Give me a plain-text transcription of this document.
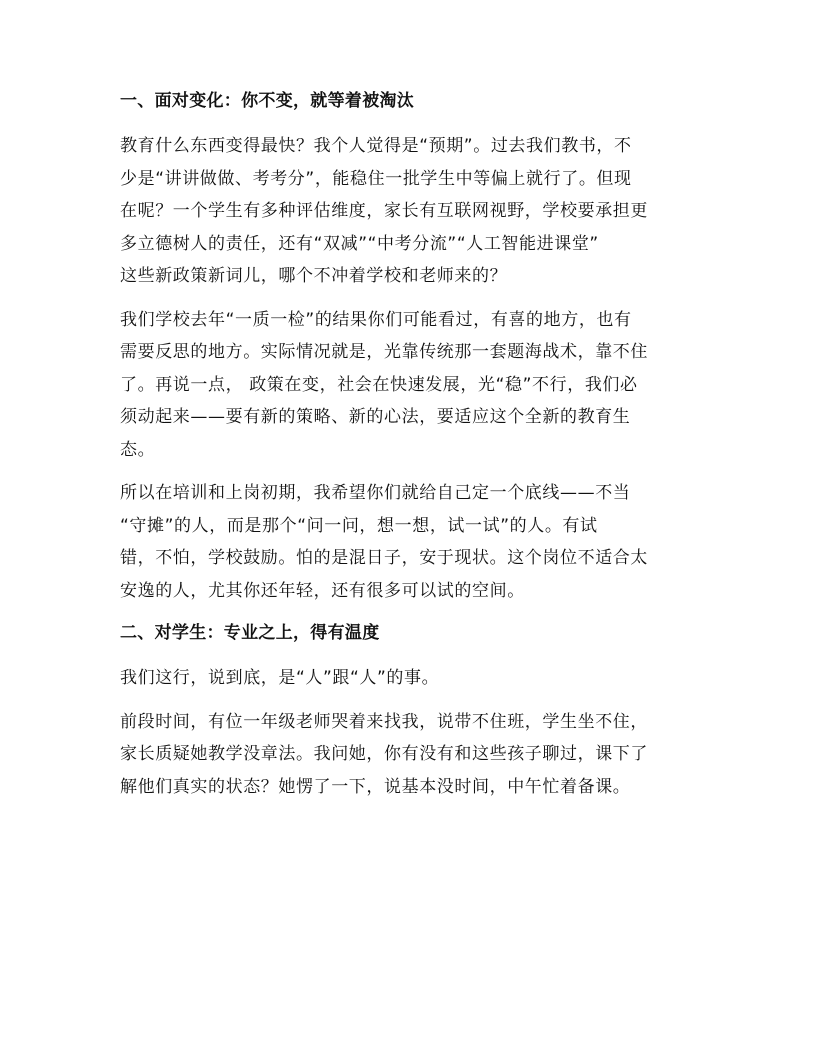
一、面对变化：你不变，就等着被淘汰
教育什么东西变得最快？我个人觉得是“预期”。过去我们教书，不
少是“讲讲做做、考考分”，能稳住一批学生中等偏上就行了。但现
在呢？一个学生有多种评估维度，家长有互联网视野，学校要承担更
多立德树人的责任，还有“双减”“中考分流”“人工智能进课堂”
这些新政策新词儿，哪个不冲着学校和老师来的？
我们学校去年“一质一检”的结果你们可能看过，有喜的地方，也有
需要反思的地方。实际情况就是，光靠传统那一套题海战术，靠不住
了。再说一点， 政策在变，社会在快速发展，光“稳”不行，我们必
须动起来——要有新的策略、新的心法，要适应这个全新的教育生
态。
所以在培训和上岗初期，我希望你们就给自己定一个底线——不当
“守摊”的人，而是那个“问一问，想一想，试一试”的人。有试
错，不怕，学校鼓励。怕的是混日子，安于现状。这个岗位不适合太
安逸的人，尤其你还年轻，还有很多可以试的空间。
二、对学生：专业之上，得有温度
我们这行，说到底，是“人”跟“人”的事。
前段时间，有位一年级老师哭着来找我，说带不住班，学生坐不住，
家长质疑她教学没章法。我问她，你有没有和这些孩子聊过，课下了
解他们真实的状态？她愣了一下，说基本没时间，中午忙着备课。
